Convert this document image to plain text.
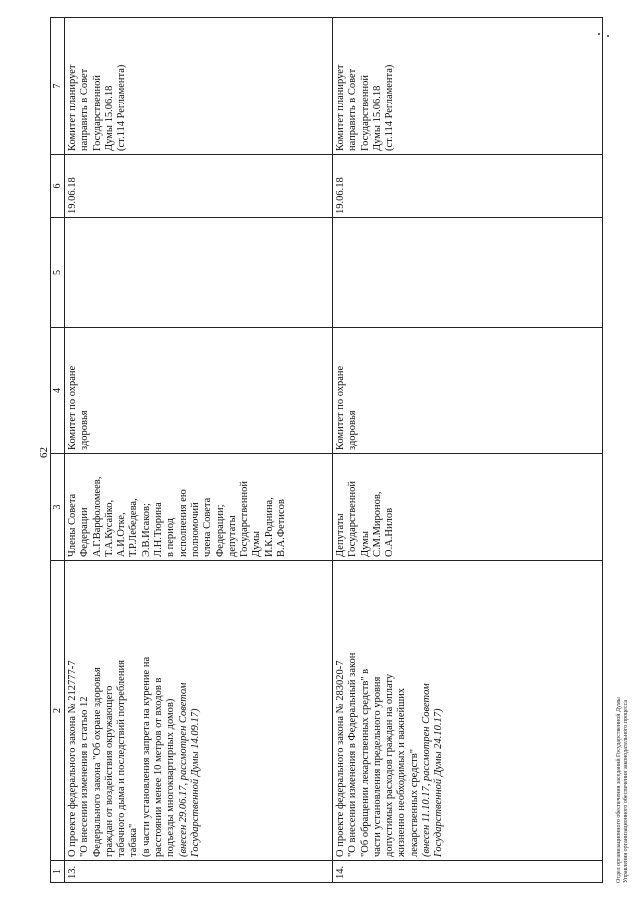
62
1
2
3
4
5
6
7
13.
О проекте федерального закона № 212777-7 "О внесении изменения в статью 12 Федерального закона "Об охране здоровья граждан от воздействия окружающего табачного дыма и последствий потребления табака" (в части установления запрета на курение на расстоянии менее 10 метров от входов в подъезды многоквартирных домов) (внесен 29.06.17, рассмотрен Советом Государственной Думы 14.09.17)
Члены Совета Федерации А.Г.Варфоломеев, Т.А.Кусайко, А.И.Отке, Т.Р.Лебедева, Э.В.Исаков; Л.Н.Тюрина в период исполнения ею полномочий члена Совета Федерации; депутаты Государственной Думы И.К.Роднина, В.А.Фетисов
Комитет по охране здоровья
19.06.18
Комитет планирует направить в Совет Государственной Думы 15.06.18 (ст.114 Регламента)
14.
О проекте федерального закона № 283020-7 "О внесении изменения в Федеральный закон "Об обращении лекарственных средств" в части установления предельного уровня допустимых расходов граждан на оплату жизненно необходимых и важнейших лекарственных средств" (внесен 11.10.17, рассмотрен Советом Государственной Думы 24.10.17)
Депутаты Государственной Думы С.М.Миронов, О.А.Нилов
Комитет по охране здоровья
19.06.18
Комитет планирует направить в Совет Государственной Думы 15.06.18 (ст.114 Регламента)
Отдел организационного обеспечения заседаний Государственной Думы Управления организационного обеспечения законодательного процесса
